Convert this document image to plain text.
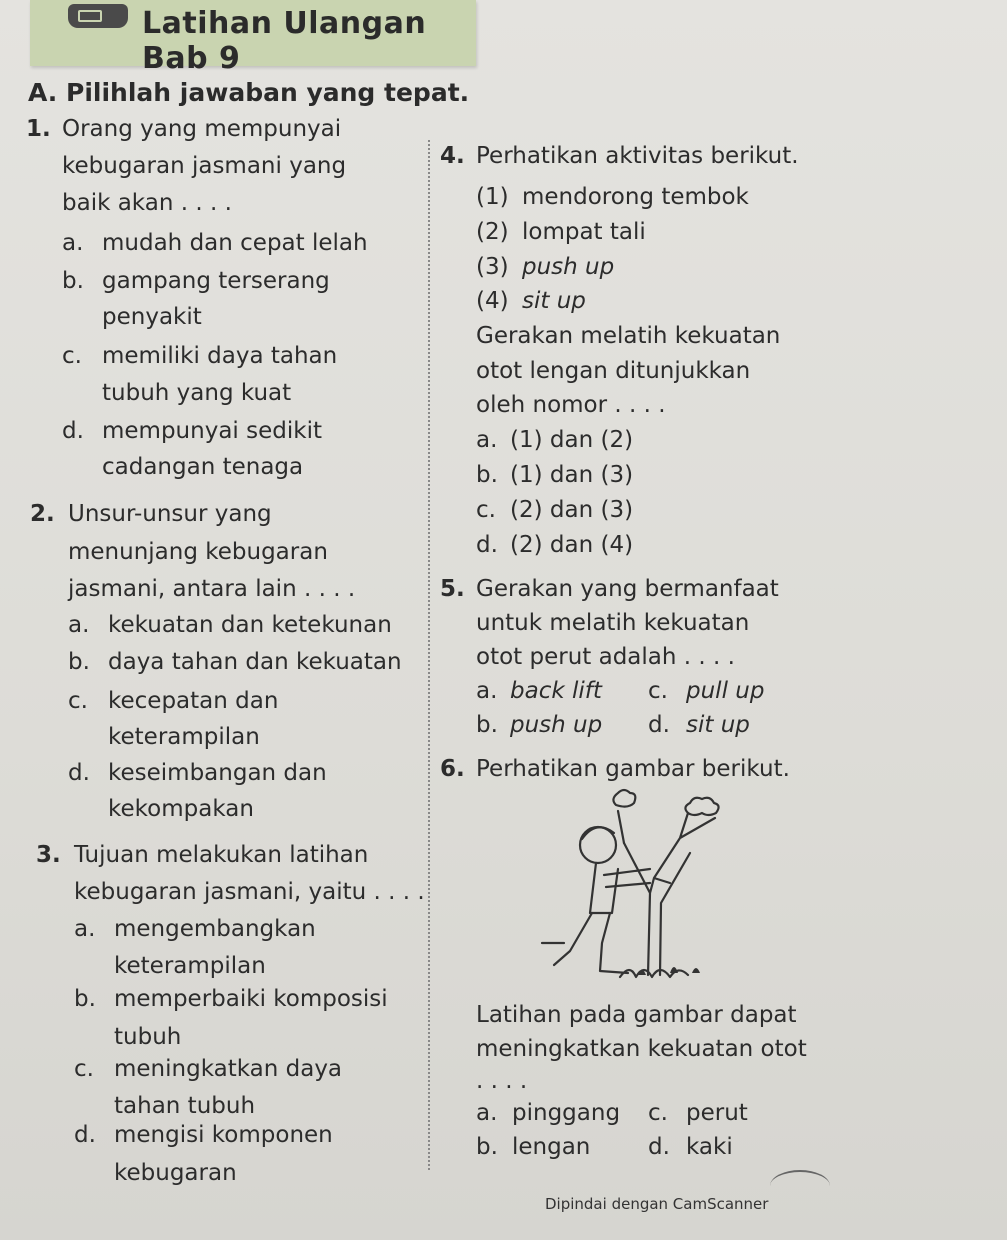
Latihan Ulangan Bab 9
A. Pilihlah jawaban yang tepat.
1. Orang yang mempunyai
kebugaran jasmani yang
baik akan . . . .
a. mudah dan cepat lelah
b. gampang terserang
penyakit
c. memiliki daya tahan
tubuh yang kuat
d. mempunyai sedikit
cadangan tenaga
2. Unsur-unsur yang
menunjang kebugaran
jasmani, antara lain . . . .
a. kekuatan dan ketekunan
b. daya tahan dan kekuatan
c. kecepatan dan
keterampilan
d. keseimbangan dan
kekompakan
3. Tujuan melakukan latihan
kebugaran jasmani, yaitu . . . .
a. mengembangkan
keterampilan
b. memperbaiki komposisi
tubuh
c. meningkatkan daya
tahan tubuh
d. mengisi komponen
kebugaran
4. Perhatikan aktivitas berikut.
(1) mendorong tembok
(2) lompat tali
(3) push up
(4) sit up
Gerakan melatih kekuatan
otot lengan ditunjukkan
oleh nomor . . . .
a. (1) dan (2)
b. (1) dan (3)
c. (2) dan (3)
d. (2) dan (4)
5. Gerakan yang bermanfaat
untuk melatih kekuatan
otot perut adalah . . . .
a. back lift c. pull up
b. push up d. sit up
6. Perhatikan gambar berikut.
Latihan pada gambar dapat
meningkatkan kekuatan otot
. . . .
a. pinggang c. perut
b. lengan	d. kaki
Dipindai dengan CamScanner
